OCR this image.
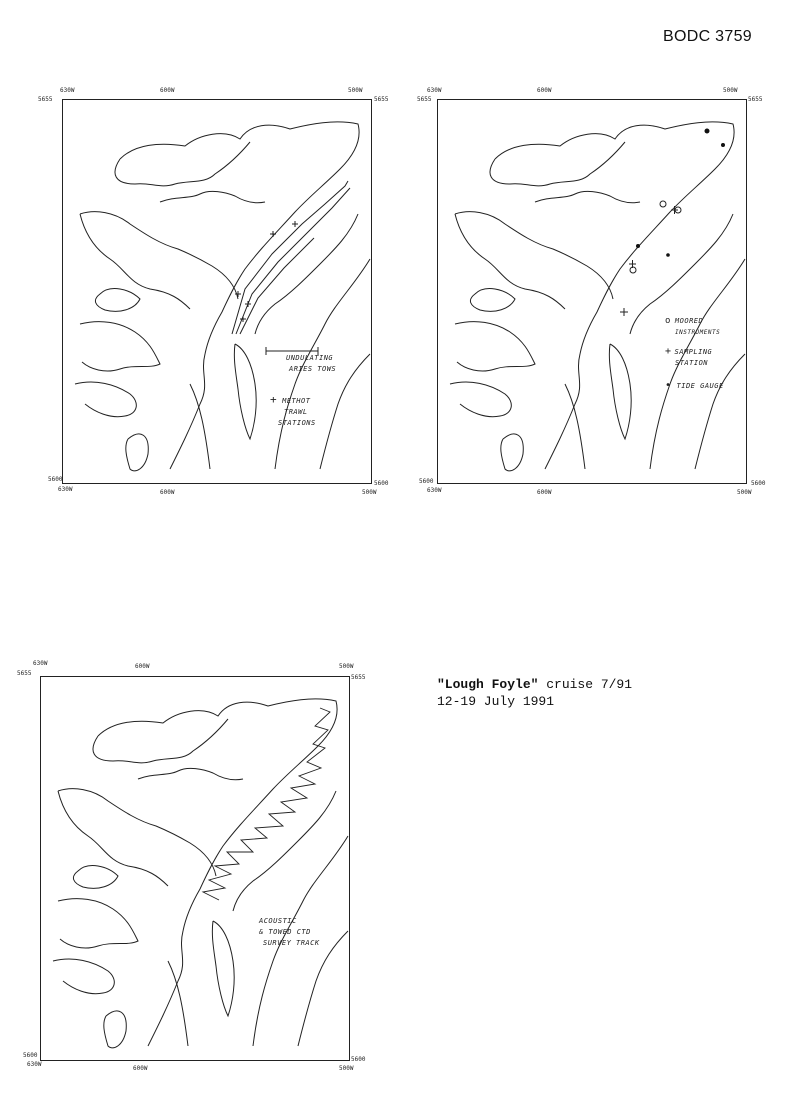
BODC 3759
630W	600W	500W
5655	5655
5600
5600
630W	600W	500W
UNDULATING
ARIES TOWS
+ METHOT
TRAWL
STATIONS
630W	600W	500W
5655	5655
5600	5600
630W	600W	500W
o MOORED
INSTRUMENTS
+ SAMPLING
STATION
• TIDE GAUGE
630W	600W	500W
5655
5655
5600
5600
630W
600W	500W
ACOUSTIC
& TOWED CTD
SURVEY TRACK
"Lough Foyle" cruise 7/91
12-19 July 1991
